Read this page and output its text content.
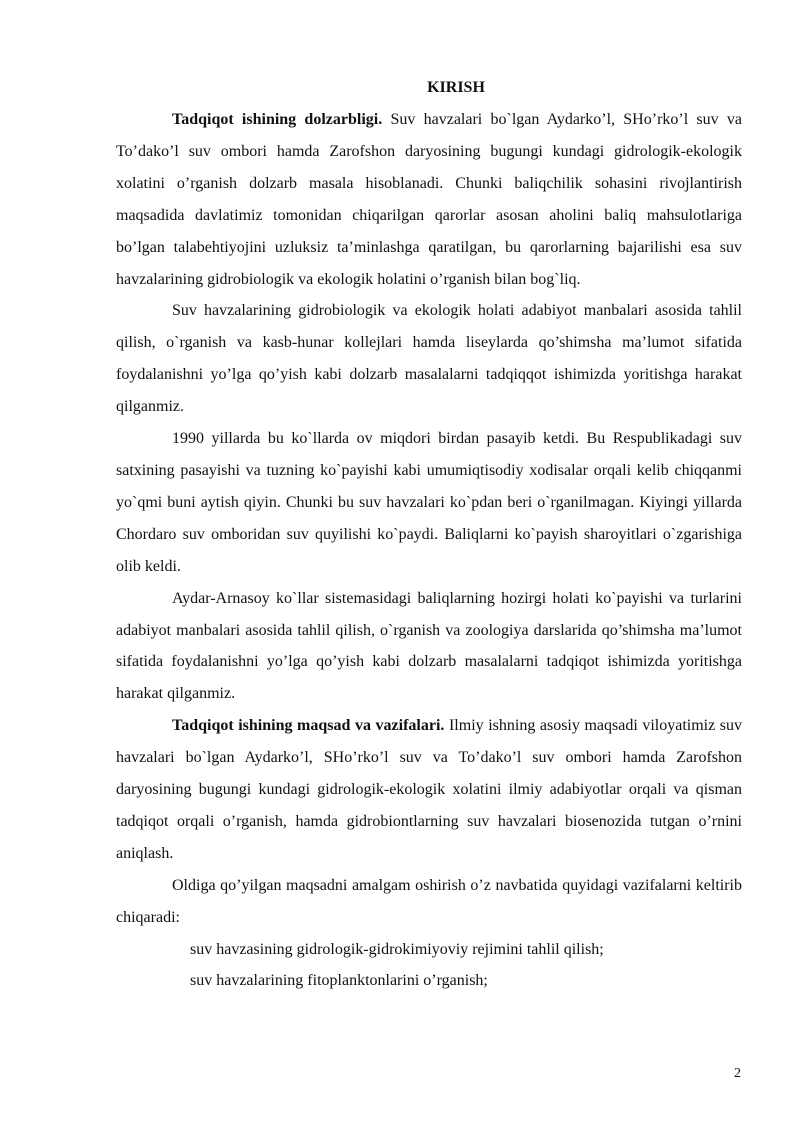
KIRISH

Tadqiqot ishining dolzarbligi. Suv havzalari bo`lgan Aydarko’l, SHo’rko’l suv va To’dako’l suv ombori hamda Zarofshon daryosining bugungi kundagi gidrologik-ekologik xolatini o’rganish dolzarb masala hisoblanadi. Chunki baliqchilik sohasini rivojlantirish maqsadida davlatimiz tomonidan chiqarilgan qarorlar asosan aholini baliq mahsulotlariga bo’lgan talabehtiyojini uzluksiz ta’minlashga qaratilgan, bu qarorlarning bajarilishi esa suv havzalarining gidrobiologik va ekologik holatini o’rganish bilan bog`liq.

Suv havzalarining gidrobiologik va ekologik holati adabiyot manbalari asosida tahlil qilish, o`rganish va kasb-hunar kollejlari hamda liseylarda qo’shimsha ma’lumot sifatida foydalanishni yo’lga qo’yish kabi dolzarb masalalarni tadqiqqot ishimizda yoritishga harakat qilganmiz.

1990 yillarda bu ko`llarda ov miqdori birdan pasayib ketdi. Bu Respublikadagi suv satxining pasayishi va tuzning ko`payishi kabi umumiqtisodiy xodisalar orqali kelib chiqqanmi yo`qmi buni aytish qiyin. Chunki bu suv havzalari ko`pdan beri o`rganilmagan. Kiyingi yillarda Chordaro suv omboridan suv quyilishi ko`paydi. Baliqlarni ko`payish sharoyitlari o`zgarishiga olib keldi.

Aydar-Arnasoy ko`llar sistemasidagi baliqlarning hozirgi holati ko`payishi va turlarini adabiyot manbalari asosida tahlil qilish, o`rganish va zoologiya darslarida qo’shimsha ma’lumot sifatida foydalanishni yo’lga qo’yish kabi dolzarb masalalarni tadqiqot ishimizda yoritishga harakat qilganmiz.

Tadqiqot ishining maqsad va vazifalari. Ilmiy ishning asosiy maqsadi viloyatimiz suv havzalari bo`lgan Aydarko’l, SHo’rko’l suv va To’dako’l suv ombori hamda Zarofshon daryosining bugungi kundagi gidrologik-ekologik xolatini ilmiy adabiyotlar orqali va qisman tadqiqot orqali o’rganish, hamda gidrobiontlarning suv havzalari biosenozida tutgan o’rnini aniqlash.

Oldiga qo’yilgan maqsadni amalgam oshirish o’z navbatida quyidagi vazifalarni keltirib chiqaradi:

suv havzasining gidrologik-gidrokimiyoviy rejimini tahlil qilish;

suv havzalarining fitoplanktonlarini o’rganish;

2
